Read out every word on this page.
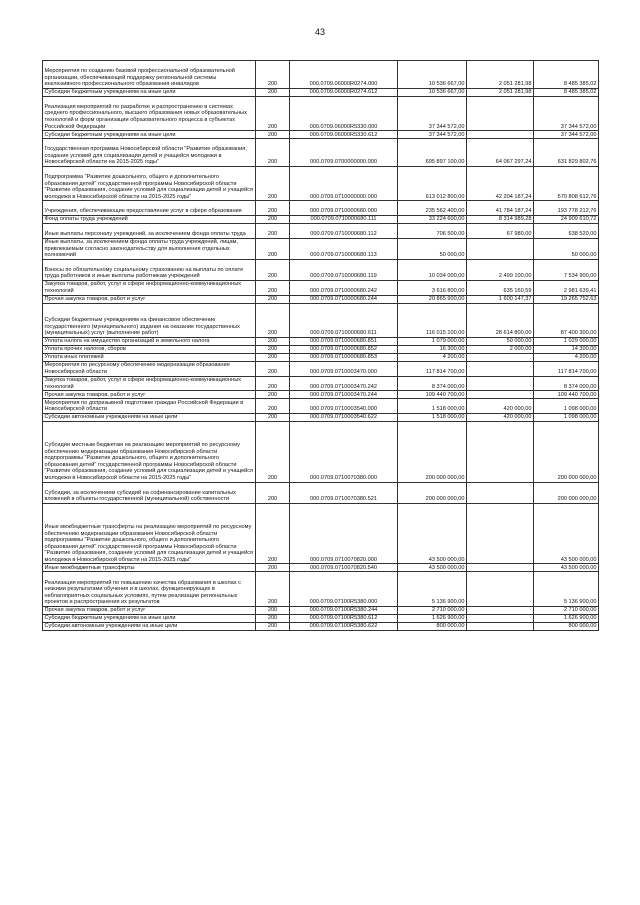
43
Мероприятия по созданию базовой профессиональной образовательной организации, обеспечивающей поддержку региональной системы инклюзивного профессионального образования инвалидов	200	000.0709.06000R0274.000	10 536 667,00	2 051 281,98	8 485 385,02
Субсидии бюджетным учреждениям на иные цели	200	000.0709.06000R0274.612	10 536 667,00	2 051 281,98	8 485 385,02
Реализация мероприятий по разработке и распространению в системах среднего профессионального, высшего образования новых образовательных технологий и форм организации образовательного процесса в субъектах Российской Федерации	200	000.0709.06000R5330.000	37 344 572,00		37 344 572,00
Субсидии бюджетным учреждениям на иные цели	200	000.0709.06000R5330.612	37 344 572,00		37 344 572,00
Государственная программа Новосибирской области "Развитие образования, создание условий для социализации детей и учащейся молодежи в Новосибирской области на 2015-2025 годы"	200	000.0709.0700000000.000	695 897 100,00	64 067 297,24	631 829 802,76
Подпрограмма "Развитие дошкольного, общего и дополнительного образования детей" государственной программы Новосибирской области "Развитие образования, создание условий для социализации детей и учащейся молодежи в Новосибирской области на 2015-2025 годы"	200	000.0709.0710000000.000	613 012 800,00	42 204 187,24	570 808 612,76
Учреждения, обеспечивающие предоставление услуг в сфере образования	200	000.0709.0710000680.000	235 562 400,00	41 784 187,24	193 778 212,76
Фонд оплаты труда учреждений	200	000.0709.0710000680.111	33 224 600,00	8 314 989,28	24 909 610,72
Иные выплаты персоналу учреждений, за исключением фонда оплаты труда	200	000.0709.0710000680.112	706 500,00	67 980,00	638 520,00
Иные выплаты, за исключением фонда оплаты труда учреждений, лицам, привлекаемым согласно законодательству для выполнения отдельных полномочий	200	000.0709.0710000680.113	50 000,00		50 000,00
Взносы по обязательному социальному страхованию на выплаты по оплате труда работников и иные выплаты работникам учреждений	200	000.0709.0710000680.119	10 034 000,00	2 499 100,00	7 534 900,00
Закупка товаров, работ, услуг в сфере информационно-коммуникационных технологий	200	000.0709.0710000680.242	3 616 800,00	635 160,59	2 981 639,41
Прочая закупка товаров, работ и услуг	200	000.0709.0710000680.244	20 865 900,00	1 600 147,37	19 265 752,63
Субсидии бюджетным учреждениям на финансовое обеспечение государственного (муниципального) задания на оказание государственных (муниципальных) услуг (выполнение работ)	200	000.0709.0710000680.611	116 015 100,00	28 614 800,00	87 400 300,00
Уплата налога на имущество организаций и земельного налога	200	000.0709.0710000680.851	1 079 000,00	50 000,00	1 029 000,00
Уплата прочих налогов, сборов	200	000.0709.0710000680.852	16 300,00	2 000,00	14 300,00
Уплата иных платежей	200	000.0709.0710000680.853	4 200,00		4 200,00
Мероприятия по ресурсному обеспечению модернизации образования Новосибирской области	200	000.0709.0710003470.000	117 814 700,00		117 814 700,00
Закупка товаров, работ, услуг в сфере информационно-коммуникационных технологий	200	000.0709.0710003470.242	8 374 000,00		8 374 000,00
Прочая закупка товаров, работ и услуг	200	000.0709.0710003470.244	109 440 700,00		109 440 700,00
Мероприятия по допризывной подготовке граждан Российской Федерации в Новосибирской области	200	000.0709.0710003540.000	1 518 000,00	420 000,00	1 098 000,00
Субсидии автономным учреждениям на иные цели	200	000.0709.0710003540.622	1 518 000,00	420 000,00	1 098 000,00
Субсидии местным бюджетам на реализацию мероприятий по ресурсному обеспечению модернизации образования Новосибирской области подпрограммы "Развитие дошкольного, общего и дополнительного образования детей" государственной программы Новосибирской области "Развитие образования, создание условий для социализации детей и учащейся молодежи в Новосибирской области на 2015-2025 годы"	200	000.0709.0710070380.000	200 000 000,00		200 000 000,00
Субсидии, за исключением субсидий на софинансирование капитальных вложений в объекты государственной (муниципальной) собственности	200	000.0709.0710070380.521	200 000 000,00		200 000 000,00
Иные межбюджетные трансферты на реализацию мероприятий по ресурсному обеспечению модернизации образования Новосибирской области подпрограммы "Развитие дошкольного, общего и дополнительного образования детей" государственной программы Новосибирской области "Развитие образования, создание условий для социализации детей и учащейся молодежи в Новосибирской области на 2015-2025 годы"	200	000.0709.0710070820.000	43 500 000,00		43 500 000,00
Иные межбюджетные трансферты	200	000.0709.0710070820.540	43 500 000,00		43 500 000,00
Реализация мероприятий по повышению качества образования в школах с низкими результатами обучения и в школах, функционирующих в неблагоприятных социальных условиях, путем реализации региональных проектов и распространения их результатов	200	000.0709.07100R5380.000	5 136 900,00		5 136 900,00
Прочая закупка товаров, работ и услуг	200	000.0709.07100R5380.244	2 710 000,00		2 710 000,00
Субсидии бюджетным учреждениям на иные цели	200	000.0709.07100R5380.612	1 626 900,00		1 626 900,00
Субсидии автономным учреждениям на иные цели	200	000.0709.07100R5380.622	800 000,00		800 000,00
